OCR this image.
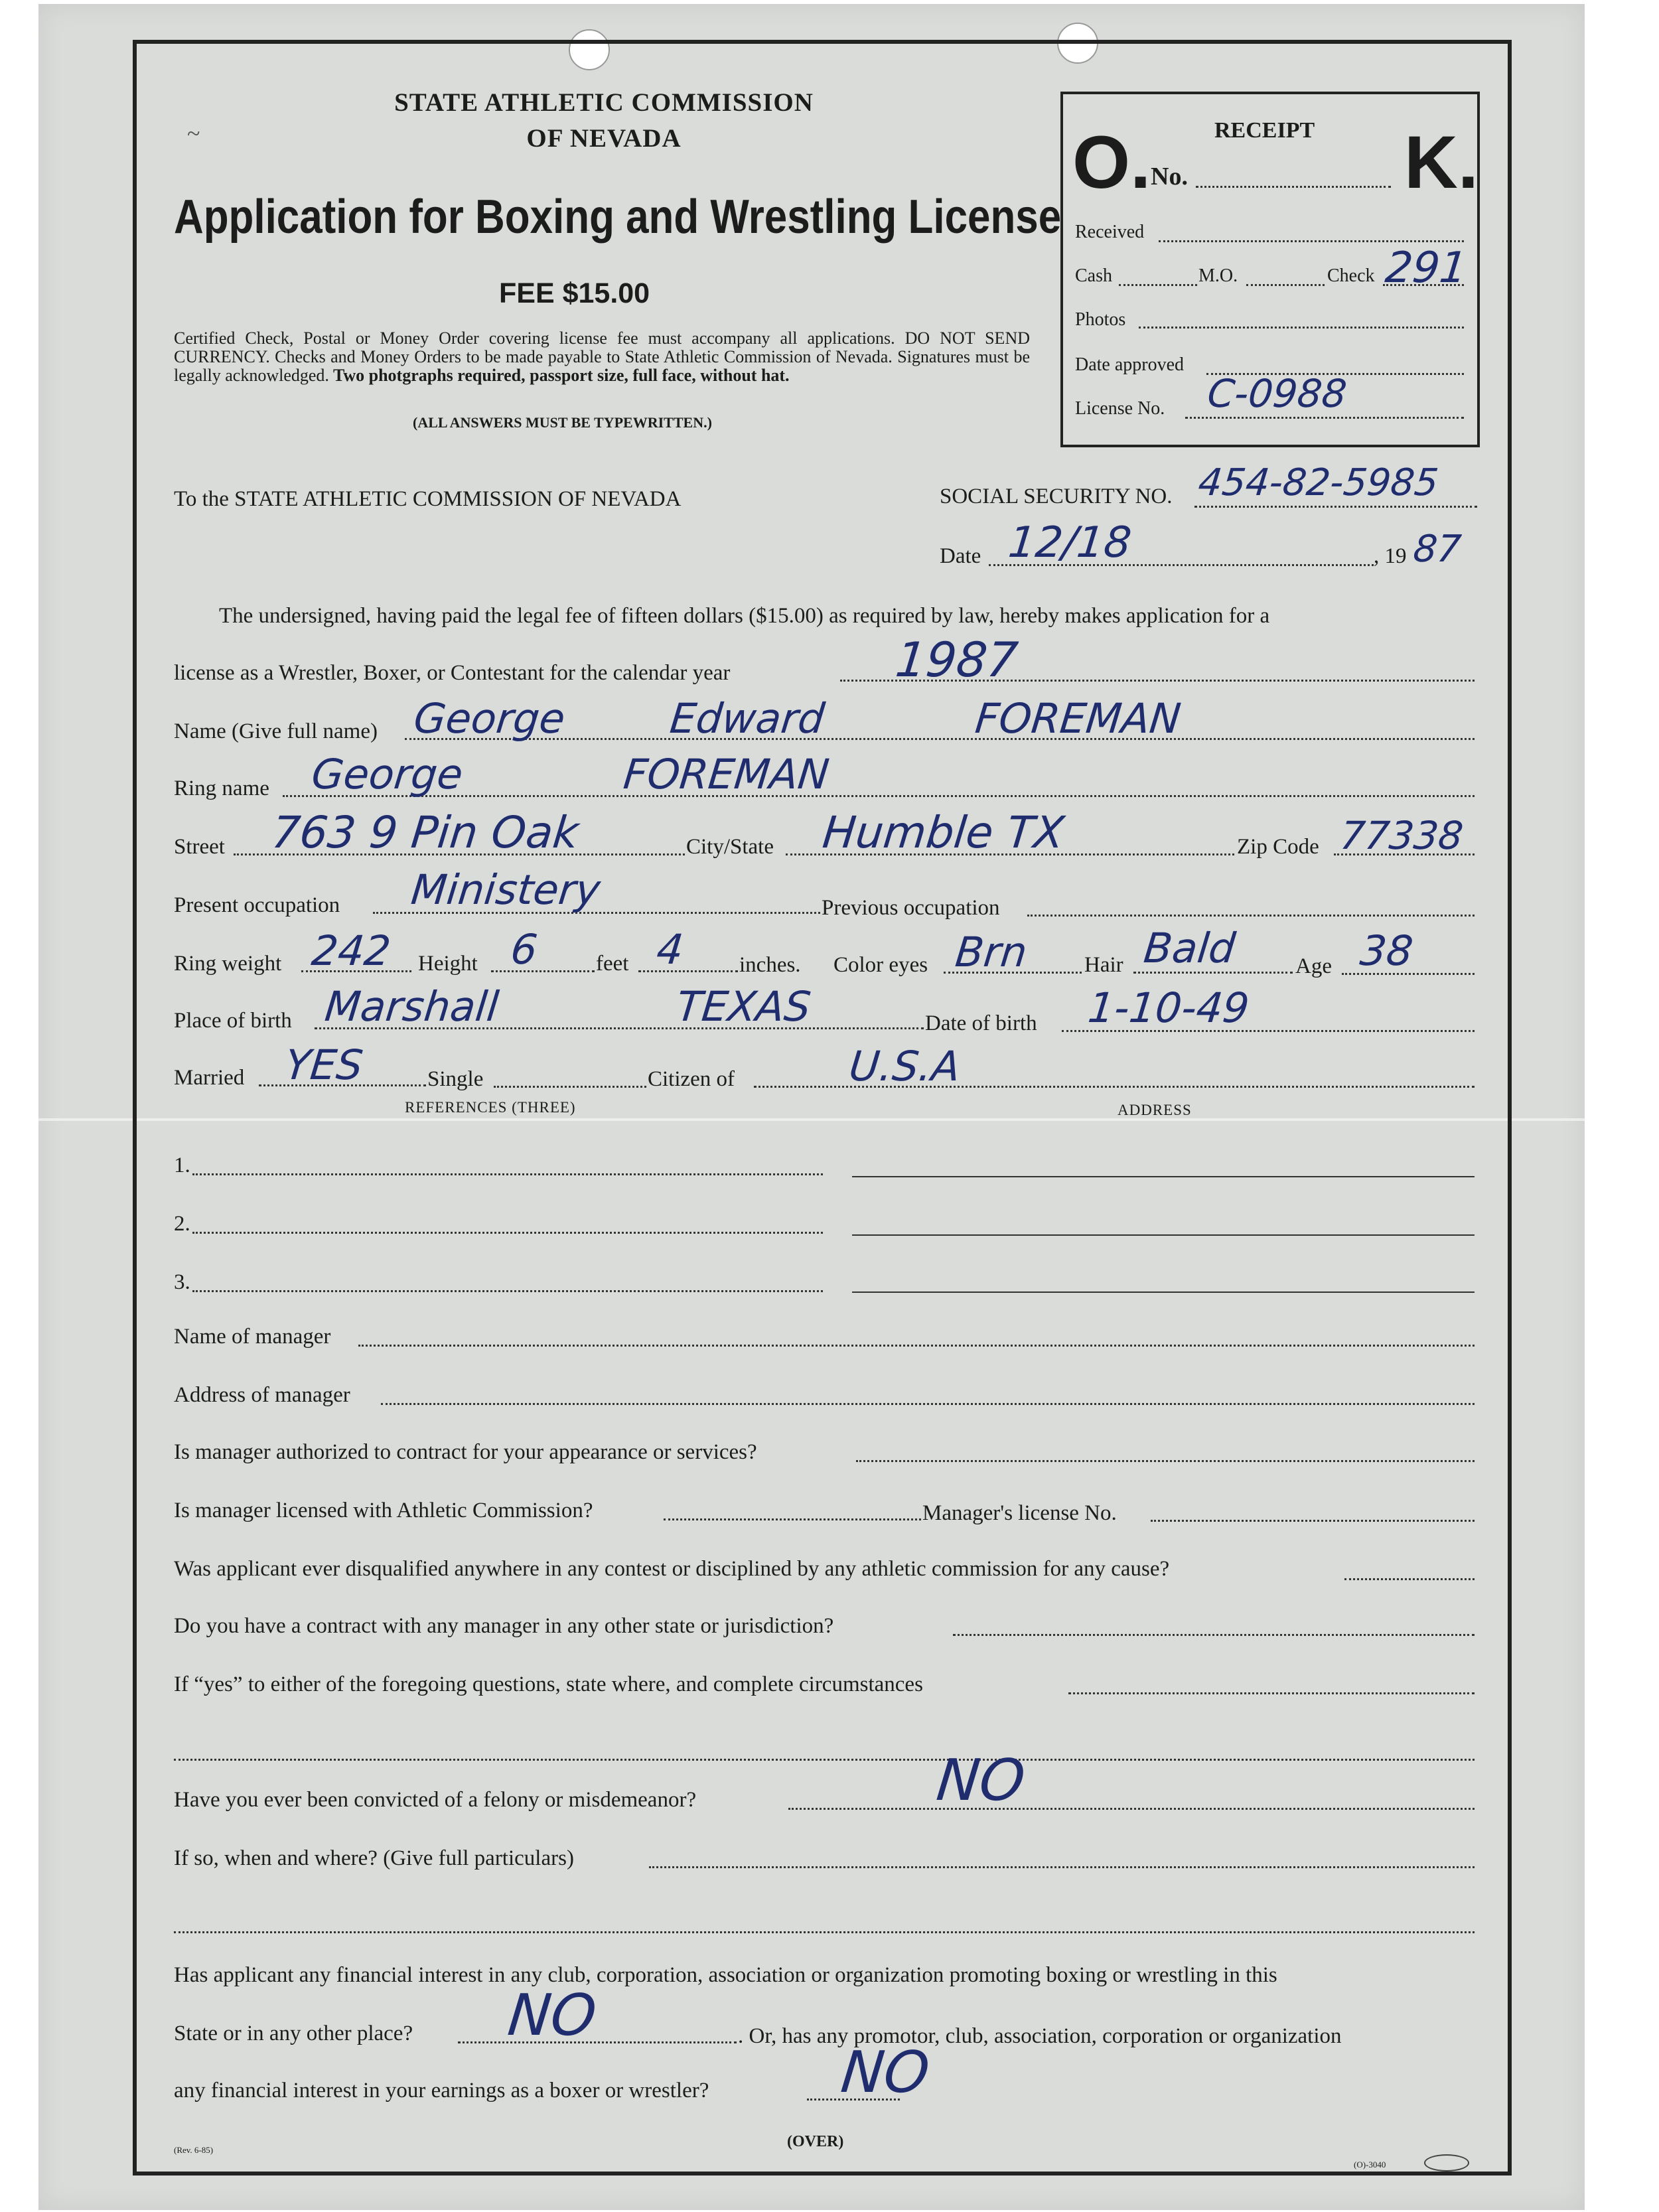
STATE ATHLETIC COMMISSION
OF NEVADA
~
Application for Boxing and Wrestling License
FEE $15.00
Certified Check, Postal or Money Order covering license fee must accompany all applications. DO NOT SEND CURRENCY. Checks and Money Orders to be made payable to State Athletic Commission of Nevada. Signatures must be legally acknowledged. Two photgraphs required, passport size, full face, without hat.
(ALL ANSWERS MUST BE TYPEWRITTEN.)
RECEIPT
O. No.	K.
Received
Cash	M.O.	Check 291
Photos
Date approved
License No. C-0988
To the STATE ATHLETIC COMMISSION OF NEVADA	SOCIAL SECURITY NO. 454-82-5985
Date 12/18	, 19 87
The undersigned, having paid the legal fee of fifteen dollars ($15.00) as required by law, hereby makes application for a
license as a Wrestler, Boxer, or Contestant for the calendar year	1987
Name (Give full name) George Edward	FOREMAN
Ring name George	FOREMAN
Street 763 9 Pin Oak	City/State Humble TX	Zip Code 77338
Present occupation Ministery	Previous occupation
Ring weight 242 Height 6	feet 4 inches. Color eyes Brn	Hair Bald	Age 38
Place of birth Marshall	TEXAS	Date of birth 1-10-49
Married YES	Single	Citizen of	U.S.A
REFERENCES (THREE)	ADDRESS
1.
2.
3.
Name of manager
Address of manager
Is manager authorized to contract for your appearance or services?
Is manager licensed with Athletic Commission?	Manager's license No.
Was applicant ever disqualified anywhere in any contest or disciplined by any athletic commission for any cause?
Do you have a contract with any manager in any other state or jurisdiction?
If “yes” to either of the foregoing questions, state where, and complete circumstances
Have you ever been convicted of a felony or misdemeanor?	NO
If so, when and where? (Give full particulars)
Has applicant any financial interest in any club, corporation, association or organization promoting boxing or wrestling in this
State or in any other place? NO	. Or, has any promotor, club, association, corporation or organization
any financial interest in your earnings as a boxer or wrestler? NO
(Rev. 6-85)	(OVER)
(O)-3040
